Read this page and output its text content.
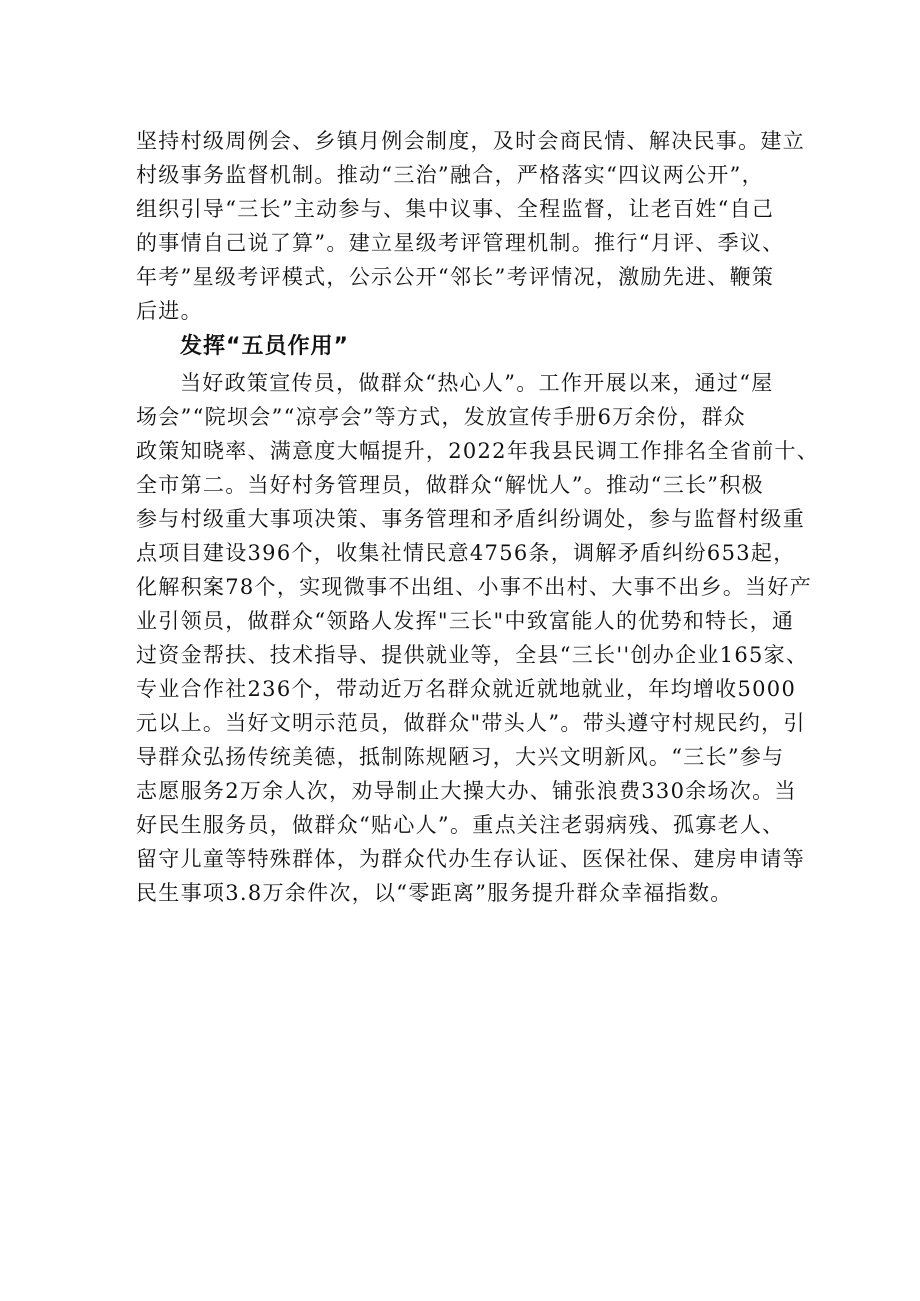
坚持村级周例会、乡镇月例会制度，及时会商民情、解决民事。建立
村级事务监督机制。推动“三治”融合，严格落实“四议两公开”，
组织引导“三长”主动参与、集中议事、全程监督，让老百姓“自己
的事情自己说了算”。建立星级考评管理机制。推行“月评、季议、
年考”星级考评模式，公示公开“邻长”考评情况，激励先进、鞭策
后进。
发挥“五员作用”
当好政策宣传员，做群众“热心人”。工作开展以来，通过“屋
场会”“院坝会”“凉亭会”等方式，发放宣传手册6万余份，群众
政策知晓率、满意度大幅提升，2022年我县民调工作排名全省前十、
全市第二。当好村务管理员，做群众“解忧人”。推动“三长”积极
参与村级重大事项决策、事务管理和矛盾纠纷调处，参与监督村级重
点项目建设396个，收集社情民意4756条，调解矛盾纠纷653起，
化解积案78个，实现微事不出组、小事不出村、大事不出乡。当好产
业引领员，做群众“领路人发挥"三长"中致富能人的优势和特长，通
过资金帮扶、技术指导、提供就业等，全县“三长''创办企业165家、
专业合作社236个，带动近万名群众就近就地就业，年均增收5000
元以上。当好文明示范员，做群众"带头人”。带头遵守村规民约，引
导群众弘扬传统美德，抵制陈规陋习，大兴文明新风。“三长”参与
志愿服务2万余人次，劝导制止大操大办、铺张浪费330余场次。当
好民生服务员，做群众“贴心人”。重点关注老弱病残、孤寡老人、
留守儿童等特殊群体，为群众代办生存认证、医保社保、建房申请等
民生事项3.8万余件次，以“零距离”服务提升群众幸福指数。
